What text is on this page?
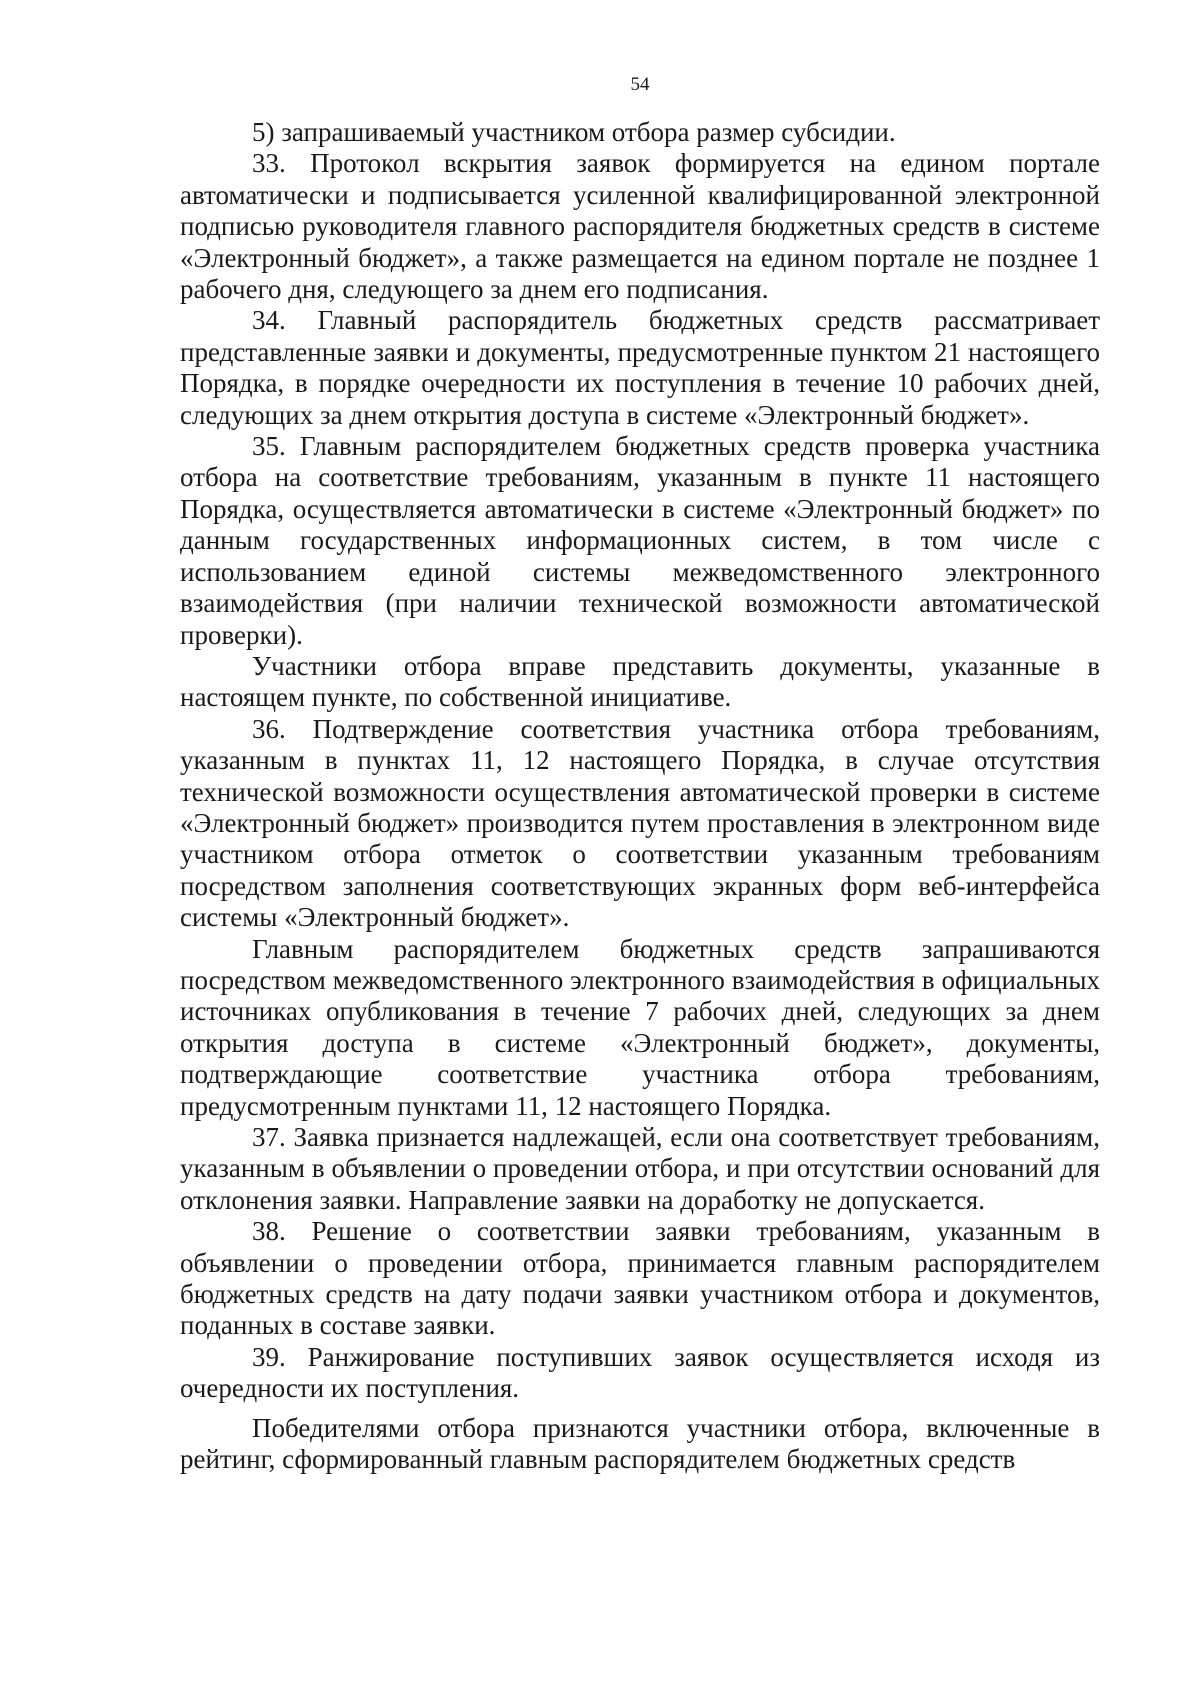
54

5) запрашиваемый участником отбора размер субсидии.

33. Протокол вскрытия заявок формируется на едином портале автоматически и подписывается усиленной квалифицированной электронной подписью руководителя главного распорядителя бюджетных средств в системе «Электронный бюджет», а также размещается на едином портале не позднее 1 рабочего дня, следующего за днем его подписания.

34. Главный распорядитель бюджетных средств рассматривает представленные заявки и документы, предусмотренные пунктом 21 настоящего Порядка, в порядке очередности их поступления в течение 10 рабочих дней, следующих за днем открытия доступа в системе «Электронный бюджет».

35. Главным распорядителем бюджетных средств проверка участника отбора на соответствие требованиям, указанным в пункте 11 настоящего Порядка, осуществляется автоматически в системе «Электронный бюджет» по данным государственных информационных систем, в том числе с использованием единой системы межведомственного электронного взаимодействия (при наличии технической возможности автоматической проверки).

Участники отбора вправе представить документы, указанные в настоящем пункте, по собственной инициативе.

36. Подтверждение соответствия участника отбора требованиям, указанным в пунктах 11, 12 настоящего Порядка, в случае отсутствия технической возможности осуществления автоматической проверки в системе «Электронный бюджет» производится путем проставления в электронном виде участником отбора отметок о соответствии указанным требованиям посредством заполнения соответствующих экранных форм веб-интерфейса системы «Электронный бюджет».

Главным распорядителем бюджетных средств запрашиваются посредством межведомственного электронного взаимодействия в официальных источниках опубликования в течение 7 рабочих дней, следующих за днем открытия доступа в системе «Электронный бюджет», документы, подтверждающие соответствие участника отбора требованиям, предусмотренным пунктами 11, 12 настоящего Порядка.

37. Заявка признается надлежащей, если она соответствует требованиям, указанным в объявлении о проведении отбора, и при отсутствии оснований для отклонения заявки. Направление заявки на доработку не допускается.

38. Решение о соответствии заявки требованиям, указанным в объявлении о проведении отбора, принимается главным распорядителем бюджетных средств на дату подачи заявки участником отбора и документов, поданных в составе заявки.

39. Ранжирование поступивших заявок осуществляется исходя из очередности их поступления.

Победителями отбора признаются участники отбора, включенные в рейтинг, сформированный главным распорядителем бюджетных средств
